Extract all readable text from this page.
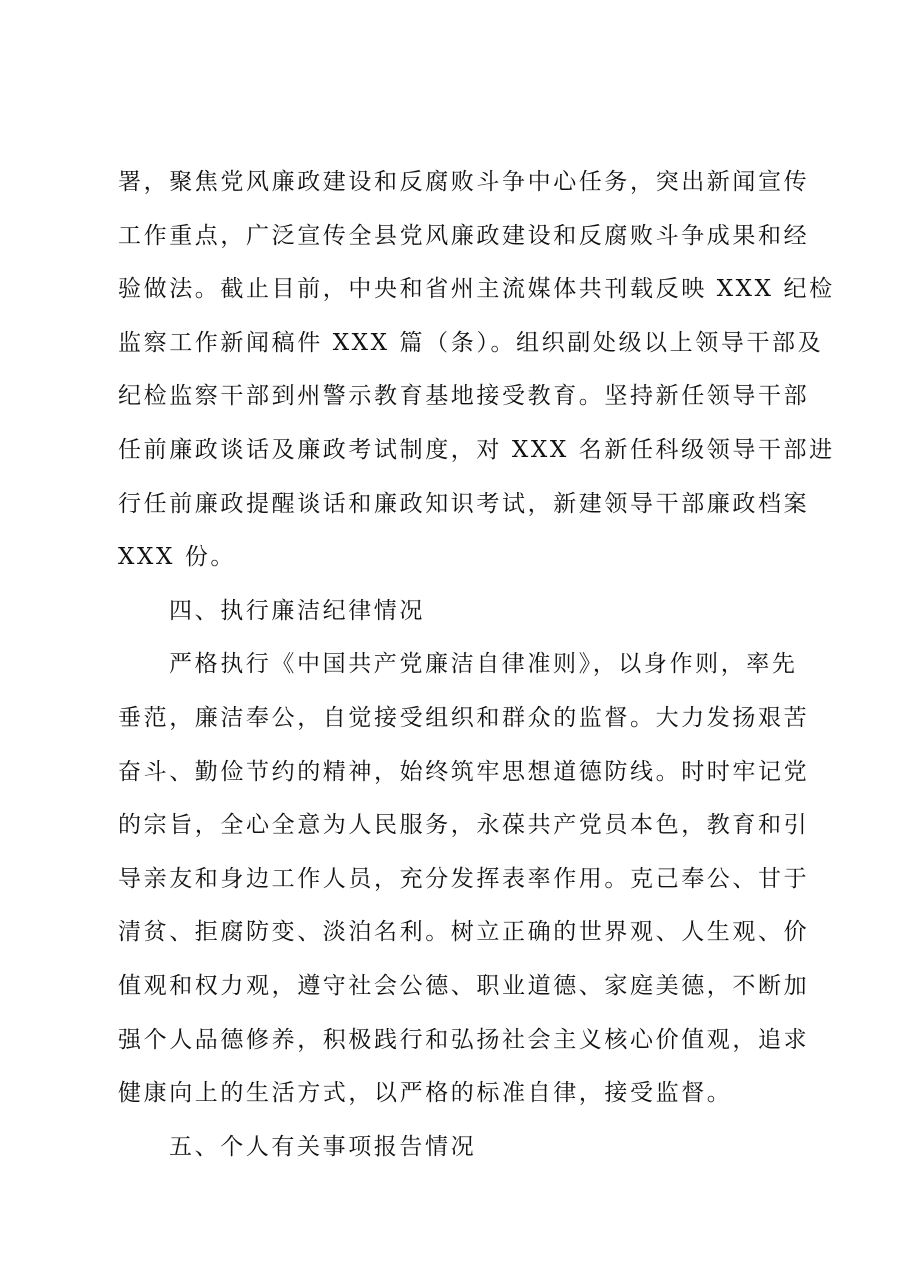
署，聚焦党风廉政建设和反腐败斗争中心任务，突出新闻宣传
工作重点，广泛宣传全县党风廉政建设和反腐败斗争成果和经
验做法。截止目前，中央和省州主流媒体共刊载反映 XXX 纪检
监察工作新闻稿件 XXX 篇（条）。组织副处级以上领导干部及
纪检监察干部到州警示教育基地接受教育。坚持新任领导干部
任前廉政谈话及廉政考试制度，对 XXX 名新任科级领导干部进
行任前廉政提醒谈话和廉政知识考试，新建领导干部廉政档案
XXX 份。
四、执行廉洁纪律情况
严格执行《中国共产党廉洁自律准则》，以身作则，率先
垂范，廉洁奉公，自觉接受组织和群众的监督。大力发扬艰苦
奋斗、勤俭节约的精神，始终筑牢思想道德防线。时时牢记党
的宗旨，全心全意为人民服务，永葆共产党员本色，教育和引
导亲友和身边工作人员，充分发挥表率作用。克己奉公、甘于
清贫、拒腐防变、淡泊名利。树立正确的世界观、人生观、价
值观和权力观，遵守社会公德、职业道德、家庭美德，不断加
强个人品德修养，积极践行和弘扬社会主义核心价值观，追求
健康向上的生活方式，以严格的标准自律，接受监督。
五、个人有关事项报告情况
